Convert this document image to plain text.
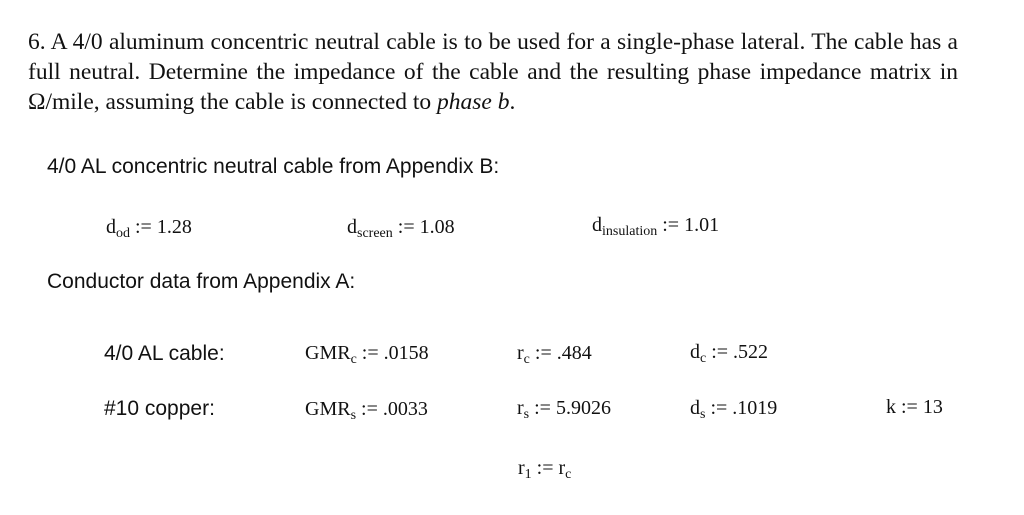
6. A 4/0 aluminum concentric neutral cable is to be used for a single-phase lateral. The cable has a full neutral. Determine the impedance of the cable and the resulting phase impedance matrix in Ω/mile, assuming the cable is connected to phase b.
4/0 AL concentric neutral cable from Appendix B:
$d_{od}$ := 1.28	$d_{screen}$ := 1.08	$d_{insulation}$ := 1.01
Conductor data from Appendix A:
4/0 AL cable:	$GMR_c$ := .0158	$r_c$ := .484	$d_c$ := .522
#10 copper:	$GMR_s$ := .0033	$r_s$ := 5.9026	$d_s$ := .1019	k := 13
$r_1$ := $r_c$
